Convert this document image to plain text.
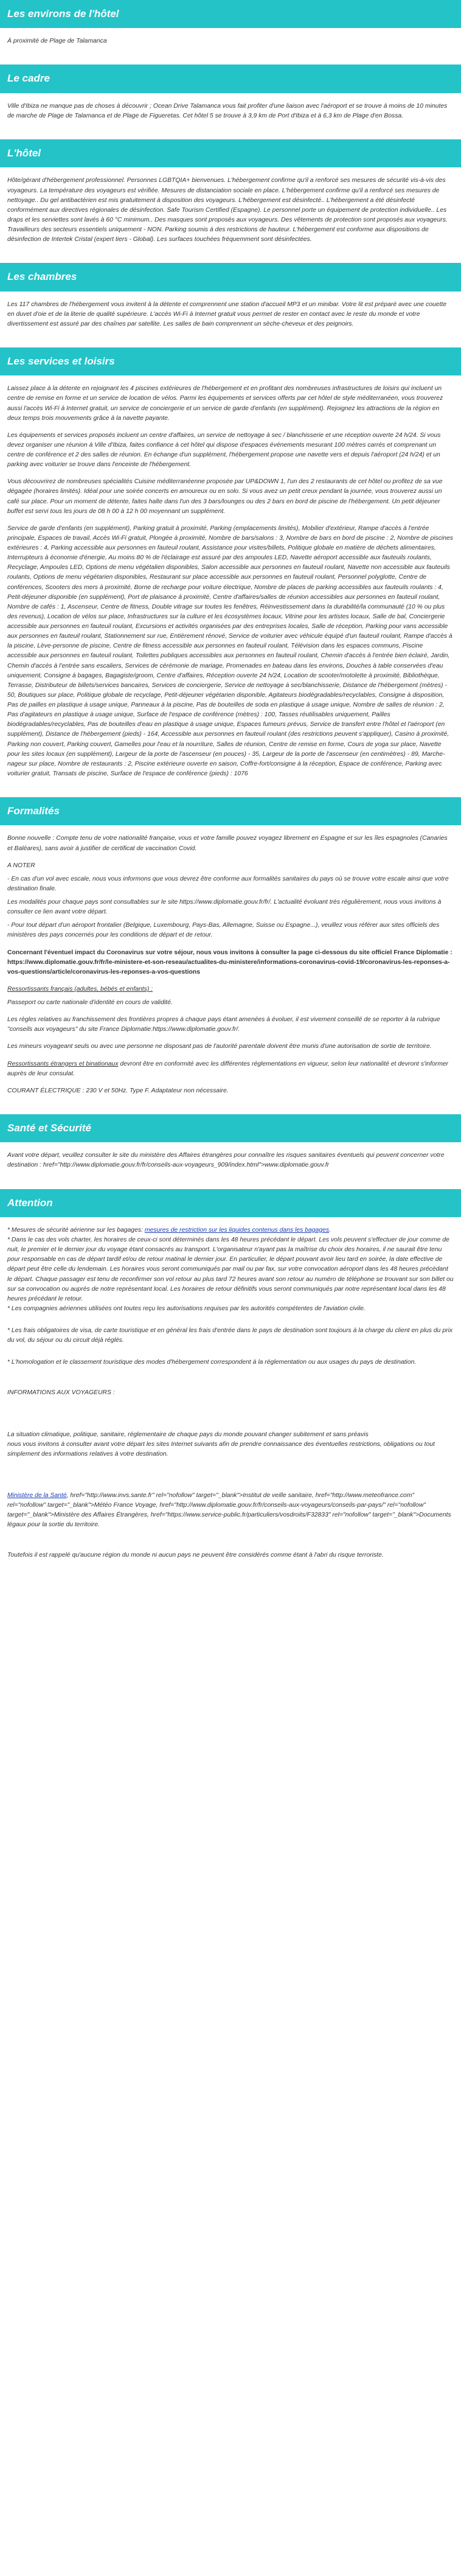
Les environs de l'hôtel

À proximité de Plage de Talamanca

Le cadre

Ville d'Ibiza ne manque pas de choses à découvrir ; Ocean Drive Talamanca vous fait profiter d'une liaison avec l'aéroport et se trouve à moins de 10 minutes de marche de Plage de Talamanca et de Plage de Figueretas. Cet hôtel 5 se trouve à 3,9 km de Port d'Ibiza et à 6,3 km de Plage d'en Bossa.

L'hôtel

Hôte/gérant d'hébergement professionnel. Personnes LGBTQIA+ bienvenues. L'hébergement confirme qu'il a renforcé ses mesures de sécurité vis-à-vis des voyageurs. La température des voyageurs est vérifiée. Mesures de distanciation sociale en place. L'hébergement confirme qu'il a renforcé ses mesures de nettoyage.. Du gel antibactérien est mis gratuitement à disposition des voyageurs. L'hébergement est désinfecté.. L'hébergement a été désinfecté conformément aux directives régionales de désinfection. Safe Tourism Certified (Espagne). Le personnel porte un équipement de protection individuelle.. Les draps et les serviettes sont lavés à 60 °C minimum.. Des masques sont proposés aux voyageurs. Des vêtements de protection sont proposés aux voyageurs. Travailleurs des secteurs essentiels uniquement - NON. Parking soumis à des restrictions de hauteur. L'hébergement est conforme aux dispositions de désinfection de Intertek Cristal (expert tiers - Global). Les surfaces touchées fréquemment sont désinfectées.

Les chambres

Les 117 chambres de l'hébergement vous invitent à la détente et comprennent une station d'accueil MP3 et un minibar. Votre lit est préparé avec une couette en duvet d'oie et de la literie de qualité supérieure. L'accès Wi-Fi à Internet gratuit vous permet de rester en contact avec le reste du monde et votre divertissement est assuré par des chaînes par satellite. Les salles de bain comprennent un sèche-cheveux et des peignoirs.

Les services et loisirs

Laissez place à la détente en rejoignant les 4 piscines extérieures de l'hébergement et en profitant des nombreuses infrastructures de loisirs qui incluent un centre de remise en forme et un service de location de vélos. Parmi les équipements et services offerts par cet hôtel de style méditerranéen, vous trouverez aussi l'accès Wi-Fi à Internet gratuit, un service de conciergerie et un service de garde d'enfants (en supplément). Rejoignez les attractions de la région en deux temps trois mouvements grâce à la navette payante.

Les équipements et services proposés incluent un centre d'affaires, un service de nettoyage à sec / blanchisserie et une réception ouverte 24 h/24. Si vous devez organiser une réunion à Ville d'Ibiza, faites confiance à cet hôtel qui dispose d'espaces événements mesurant 100 mètres carrés et comprenant un centre de conférence et 2 des salles de réunion. En échange d'un supplément, l'hébergement propose une navette vers et depuis l'aéroport (24 h/24) et un parking avec voiturier se trouve dans l'enceinte de l'hébergement.

Vous découvrirez de nombreuses spécialités Cuisine méditerranéenne proposée par UP&DOWN 1, l'un des 2 restaurants de cet hôtel ou profitez de sa vue dégagée (horaires limités). Idéal pour une soirée concerts en amoureux ou en solo. Si vous avez un petit creux pendant la journée, vous trouverez aussi un café sur place. Pour un moment de détente, faites halte dans l'un des 3 bars/lounges ou des 2 bars en bord de piscine de l'hébergement. Un petit déjeuner buffet est servi tous les jours de 08 h 00 à 12 h 00 moyennant un supplément.

Service de garde d'enfants (en supplément), Parking gratuit à proximité, Parking (emplacements limités), Mobilier d'extérieur, Rampe d'accès à l'entrée principale, Espaces de travail, Accès Wi-Fi gratuit, Plongée à proximité, Nombre de bars/salons : 3, Nombre de bars en bord de piscine : 2, Nombre de piscines extérieures : 4, Parking accessible aux personnes en fauteuil roulant, Assistance pour visites/billets, Politique globale en matière de déchets alimentaires, Interrupteurs à économie d'énergie, Au moins 80 % de l'éclairage est assuré par des ampoules LED, Navette aéroport accessible aux fauteuils roulants, Recyclage, Ampoules LED, Options de menu végétalien disponibles, Salon accessible aux personnes en fauteuil roulant, Navette non accessible aux fauteuils roulants, Options de menu végétarien disponibles, Restaurant sur place accessible aux personnes en fauteuil roulant, Personnel polyglotte, Centre de conférences, Scooters des mers à proximité, Borne de recharge pour voiture électrique, Nombre de places de parking accessibles aux fauteuils roulants : 4, Petit-déjeuner disponible (en supplément), Port de plaisance à proximité, Centre d'affaires/salles de réunion accessibles aux personnes en fauteuil roulant, Nombre de cafés : 1, Ascenseur, Centre de fitness, Double vitrage sur toutes les fenêtres, Réinvestissement dans la durabilité/la communauté (10 % ou plus des revenus), Location de vélos sur place, Infrastructures sur la culture et les écosystèmes locaux, Vitrine pour les artistes locaux, Salle de bal, Conciergerie accessible aux personnes en fauteuil roulant, Excursions et activités organisées par des entreprises locales, Salle de réception, Parking pour vans accessible aux personnes en fauteuil roulant, Stationnement sur rue, Entièrement rénové, Service de voiturier avec véhicule équipé d'un fauteuil roulant, Rampe d'accès à la piscine, Lève-personne de piscine, Centre de fitness accessible aux personnes en fauteuil roulant, Télévision dans les espaces communs, Piscine accessible aux personnes en fauteuil roulant, Toilettes publiques accessibles aux personnes en fauteuil roulant, Chemin d'accès à l'entrée bien éclairé, Jardin, Chemin d'accès à l'entrée sans escaliers, Services de cérémonie de mariage, Promenades en bateau dans les environs, Douches à table conservées d'eau uniquement, Consigne à bagages, Bagagiste/groom, Centre d'affaires, Réception ouverte 24 h/24, Location de scooter/motolette à proximité, Bibliothèque, Terrasse, Distributeur de billets/services bancaires, Services de conciergerie, Service de nettoyage à sec/blanchisserie, Distance de l'hébergement (mètres) - 50, Boutiques sur place, Politique globale de recyclage, Petit-déjeuner végétarien disponible, Agitateurs biodégradables/recyclables, Consigne à disposition, Pas de pailles en plastique à usage unique, Panneaux à la piscine, Pas de bouteilles de soda en plastique à usage unique, Nombre de salles de réunion : 2, Pas d'agitateurs en plastique à usage unique, Surface de l'espace de conférence (mètres) : 100, Tasses réutilisables uniquement, Pailles biodégradables/recyclables, Pas de bouteilles d'eau en plastique à usage unique, Espaces fumeurs prévus, Service de transfert entre l'hôtel et l'aéroport (en supplément), Distance de l'hébergement (pieds) - 164, Accessible aux personnes en fauteuil roulant (des restrictions peuvent s'appliquer), Casino à proximité, Parking non couvert, Parking couvert, Gamelles pour l'eau et la nourriture, Salles de réunion, Centre de remise en forme, Cours de yoga sur place, Navette pour les sites locaux (en supplément), Largeur de la porte de l'ascenseur (en pouces) - 35, Largeur de la porte de l'ascenseur (en centimètres) - 89, Marche-nageur sur place, Nombre de restaurants : 2, Piscine extérieure ouverte en saison, Coffre-fort/consigne à la réception, Espace de conférence, Parking avec voiturier gratuit, Transats de piscine, Surface de l'espace de conférence (pieds) : 1076

Formalités

Bonne nouvelle : Compte tenu de votre nationalité française, vous et votre famille pouvez voyagez librement en Espagne et sur les îles espagnoles (Canaries et Baléares), sans avoir à justifier de certificat de vaccination Covid.

A NOTER

- En cas d'un vol avec escale, nous vous informons que vous devrez être conforme aux formalités sanitaires du pays où se trouve votre escale ainsi que votre destination finale.

Les modalités pour chaque pays sont consultables sur le site https://www.diplomatie.gouv.fr/fr/. L'actualité évoluant très régulièrement, nous vous invitons à consulter ce lien avant votre départ.

- Pour tout départ d'un aéroport frontalier (Belgique, Luxembourg, Pays-Bas, Allemagne, Suisse ou Espagne...), veuillez vous référer aux sites officiels des ministères des pays concernés pour les conditions de départ et de retour.

Concernant l'éventuel impact du Coronavirus sur votre séjour, nous vous invitons à consulter la page ci-dessous du site officiel France Diplomatie :
https://www.diplomatie.gouv.fr/fr/le-ministere-et-son-reseau/actualites-du-ministere/informations-coronavirus-covid-19/coronavirus-les-reponses-a-vos-questions/article/coronavirus-les-reponses-a-vos-questions

Ressortissants français (adultes, bébés et enfants) :

Passeport ou carte nationale d'identité en cours de validité.

Les règles relatives au franchissement des frontières propres à chaque pays étant amenées à évoluer, il est vivement conseillé de se reporter à la rubrique "conseils aux voyageurs" du site France Diplomatie:https://www.diplomatie.gouv.fr/.

Les mineurs voyageant seuls ou avec une personne ne disposant pas de l'autorité parentale doivent être munis d'une autorisation de sortie de territoire.

Ressortissants étrangers et binationaux devront être en conformité avec les différentes réglementations en vigueur, selon leur nationalité et devront s'informer auprès de leur consulat.

COURANT ÉLECTRIQUE : 230 V et 50Hz. Type F. Adaptateur non nécessaire.

Santé et Sécurité

Avant votre départ, veuillez consulter le site du ministère des Affaires étrangères pour connaître les risques sanitaires éventuels qui peuvent concerner votre destination : href="http://www.diplomatie.gouv.fr/fr/conseils-aux-voyageurs_909/index.html">www.diplomatie.gouv.fr

Attention

* Mesures de sécurité aérienne sur les bagages: mesures de restriction sur les liquides contenus dans les bagages.
* Dans le cas des vols charter, les horaires de ceux-ci sont déterminés dans les 48 heures précédant le départ. Les vols peuvent s'effectuer de jour comme de nuit, le premier et le dernier jour du voyage étant consacrés au transport. L'organisateur n'ayant pas la maîtrise du choix des horaires, il ne saurait être tenu pour responsable en cas de départ tardif et/ou de retour matinal le dernier jour. En particulier, le départ pouvant avoir lieu tard en soirée, la date effective de départ peut être celle du lendemain. Les horaires vous seront communiqués par mail ou par fax, sur votre convocation aéroport dans les 48 heures précédant le départ. Chaque passager est tenu de reconfirmer son vol retour au plus tard 72 heures avant son retour au numéro de téléphone se trouvant sur son billet ou sur sa convocation ou auprès de notre représentant local. Les horaires de retour définitifs vous seront communiqués par notre représentant local dans les 48 heures précédant le retour.
* Les compagnies aériennes utilisées ont toutes reçu les autorisations requises par les autorités compétentes de l'aviation civile.

* Les frais obligatoires de visa, de carte touristique et en général les frais d'entrée dans le pays de destination sont toujours à la charge du client en plus du prix du vol, du séjour ou du circuit déjà réglés.

* L'homologation et le classement touristique des modes d'hébergement correspondent à la réglementation ou aux usages du pays de destination.

INFORMATIONS AUX VOYAGEURS :

La situation climatique, politique, sanitaire, réglementaire de chaque pays du monde pouvant changer subitement et sans préavis
nous vous invitons à consulter avant votre départ les sites Internet suivants afin de prendre connaissance des éventuelles restrictions, obligations ou tout simplement des informations relatives à votre destination.

Ministère de la Santé, href="http://www.invs.sante.fr" rel="nofollow" target="_blank">Institut de veille sanitaire, href="http://www.meteofrance.com" rel="nofollow" target="_blank">Météo France Voyage, href="http://www.diplomatie.gouv.fr/fr/conseils-aux-voyageurs/conseils-par-pays/" rel="nofollow" target="_blank">Ministère des Affaires Étrangères, href="https://www.service-public.fr/particuliers/vosdroits/F32833" rel="nofollow" target="_blank">Documents légaux pour la sortie du territoire.

Toutefois il est rappelé qu'aucune région du monde ni aucun pays ne peuvent être considérés comme étant à l'abri du risque terroriste.
